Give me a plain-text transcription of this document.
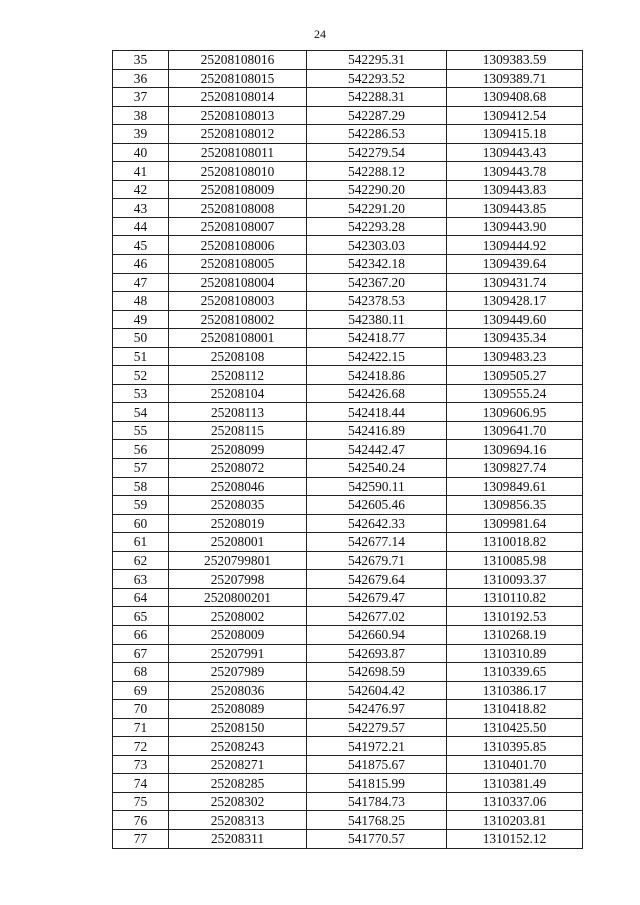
24
35	25208108016	542295.31	1309383.59
36	25208108015	542293.52	1309389.71
37	25208108014	542288.31	1309408.68
38	25208108013	542287.29	1309412.54
39	25208108012	542286.53	1309415.18
40	25208108011	542279.54	1309443.43
41	25208108010	542288.12	1309443.78
42	25208108009	542290.20	1309443.83
43	25208108008	542291.20	1309443.85
44	25208108007	542293.28	1309443.90
45	25208108006	542303.03	1309444.92
46	25208108005	542342.18	1309439.64
47	25208108004	542367.20	1309431.74
48	25208108003	542378.53	1309428.17
49	25208108002	542380.11	1309449.60
50	25208108001	542418.77	1309435.34
51	25208108	542422.15	1309483.23
52	25208112	542418.86	1309505.27
53	25208104	542426.68	1309555.24
54	25208113	542418.44	1309606.95
55	25208115	542416.89	1309641.70
56	25208099	542442.47	1309694.16
57	25208072	542540.24	1309827.74
58	25208046	542590.11	1309849.61
59	25208035	542605.46	1309856.35
60	25208019	542642.33	1309981.64
61	25208001	542677.14	1310018.82
62	2520799801	542679.71	1310085.98
63	25207998	542679.64	1310093.37
64	2520800201	542679.47	1310110.82
65	25208002	542677.02	1310192.53
66	25208009	542660.94	1310268.19
67	25207991	542693.87	1310310.89
68	25207989	542698.59	1310339.65
69	25208036	542604.42	1310386.17
70	25208089	542476.97	1310418.82
71	25208150	542279.57	1310425.50
72	25208243	541972.21	1310395.85
73	25208271	541875.67	1310401.70
74	25208285	541815.99	1310381.49
75	25208302	541784.73	1310337.06
76	25208313	541768.25	1310203.81
77	25208311	541770.57	1310152.12
